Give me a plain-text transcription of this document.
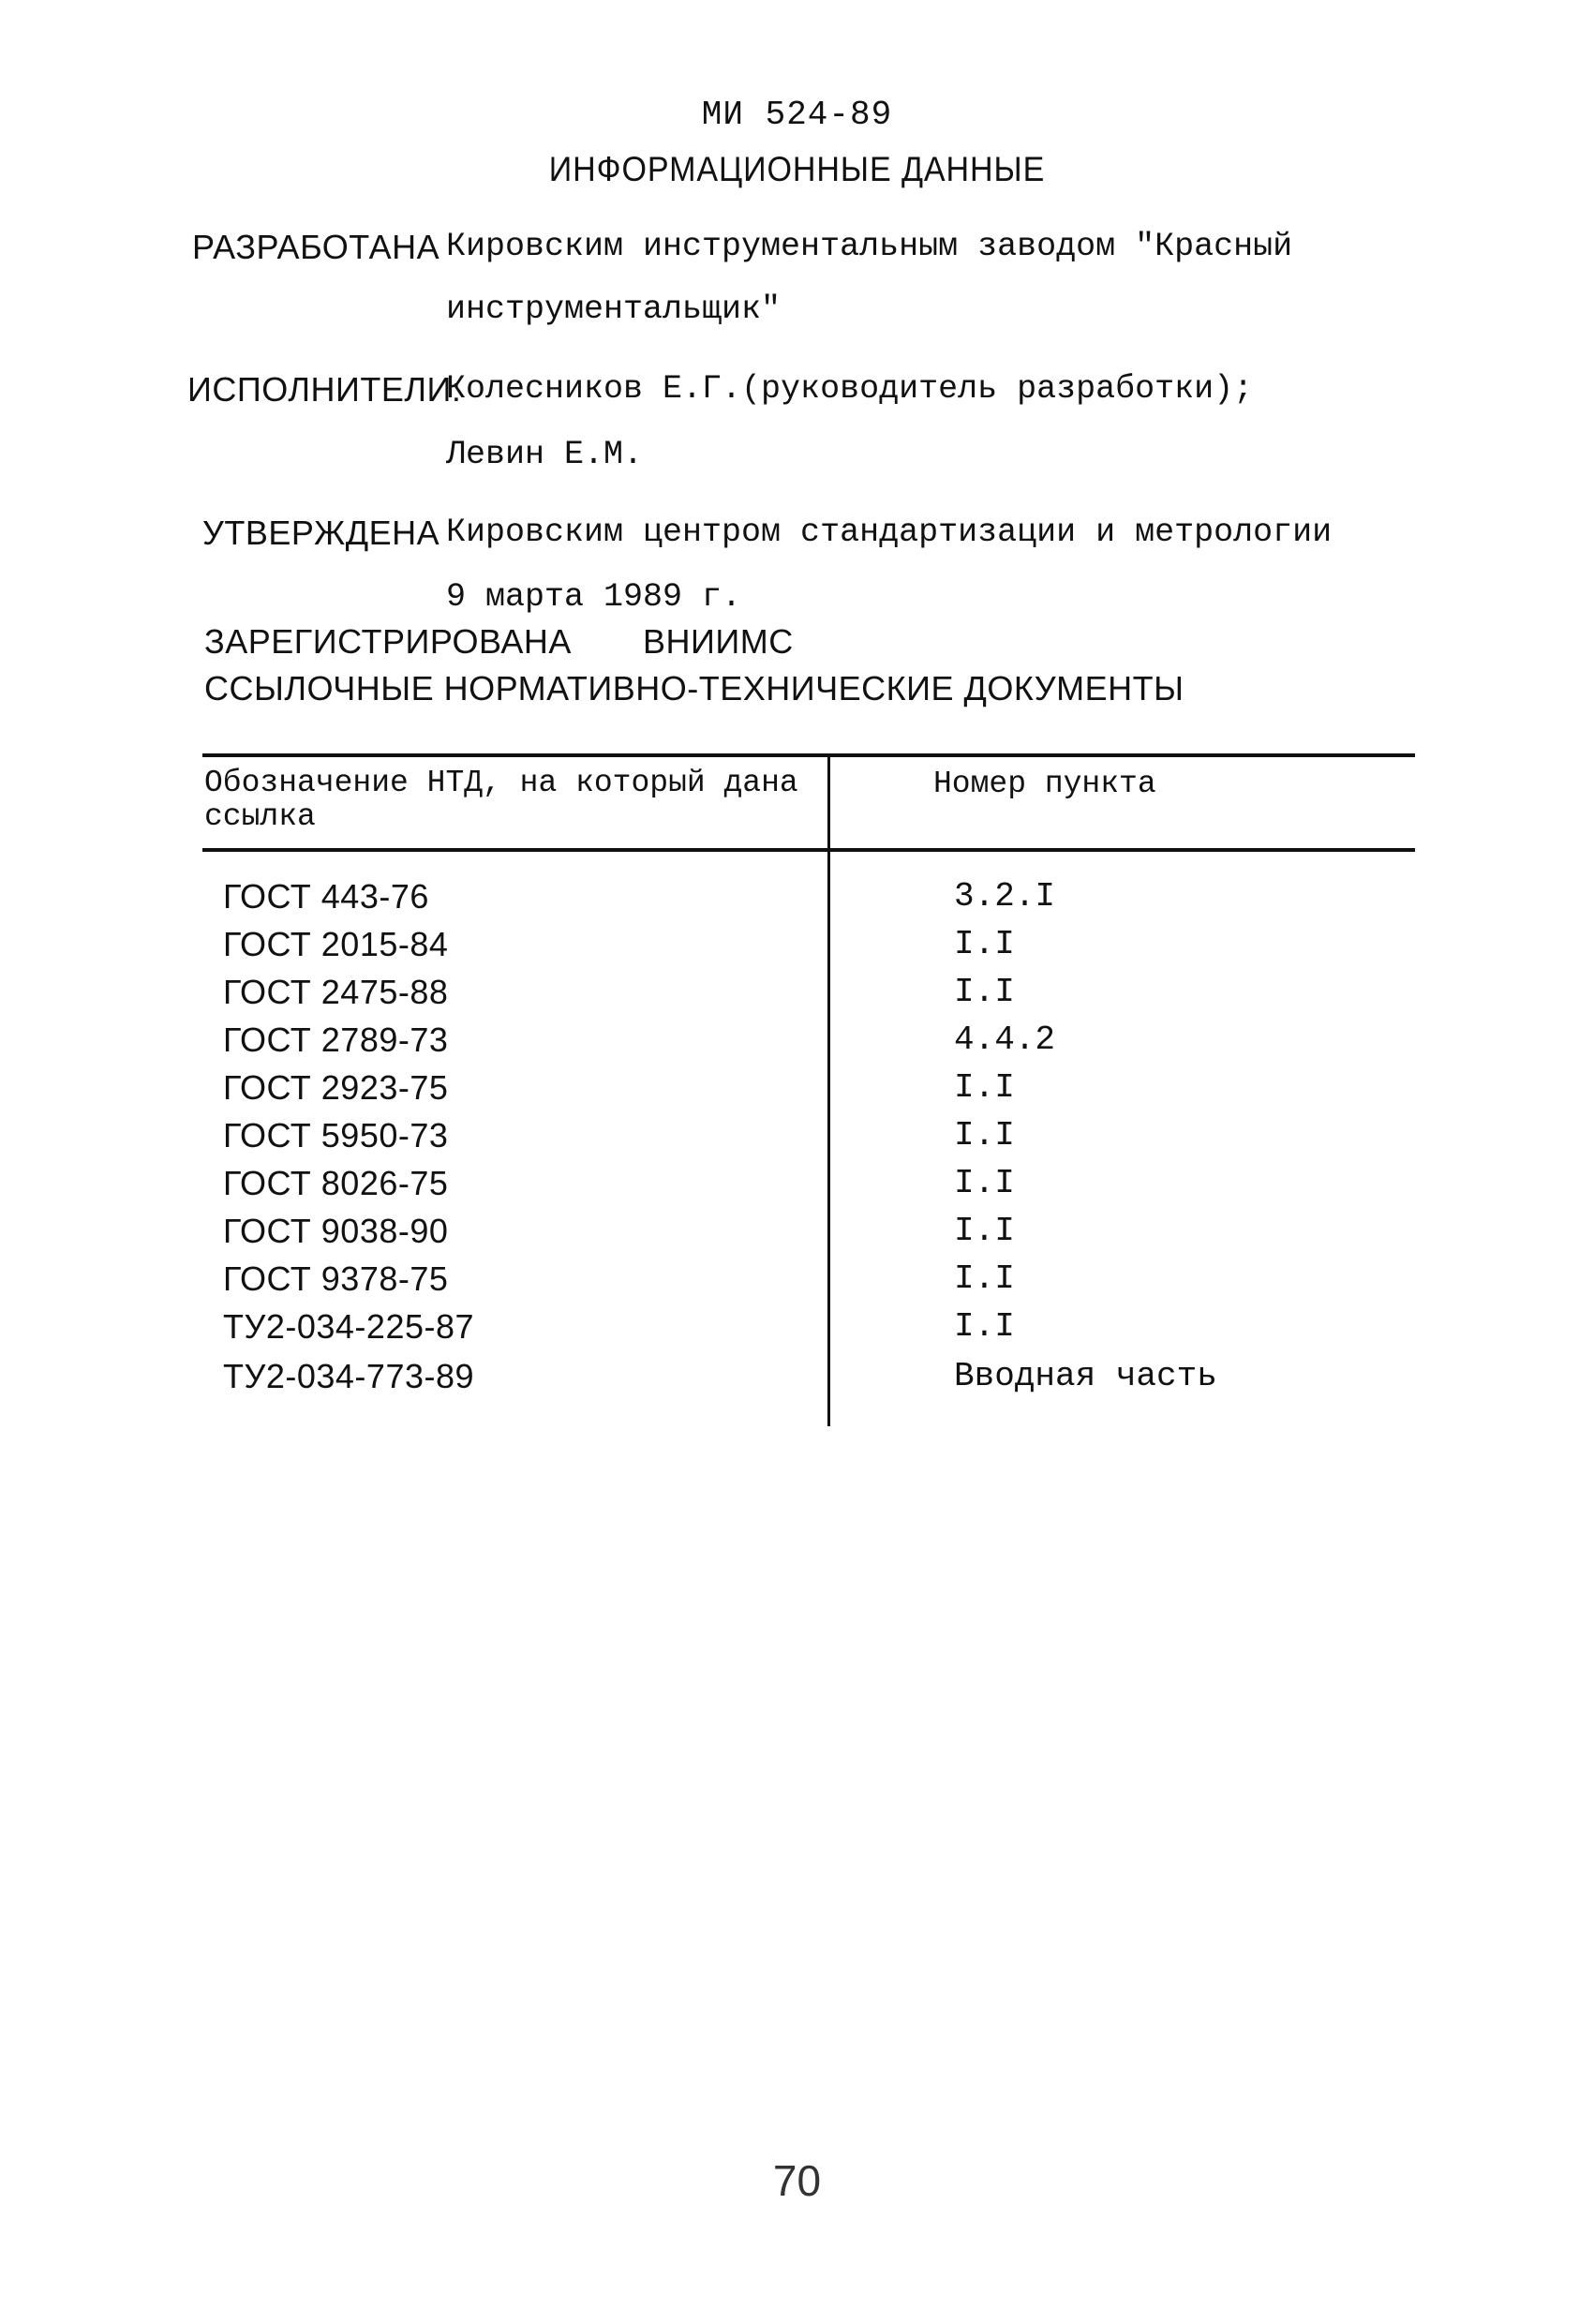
МИ 524-89
ИНФОРМАЦИОННЫЕ ДАННЫЕ
РАЗРАБОТАНА Кировским инструментальным заводом "Красный
инструментальщик"
ИСПОЛНИТЕЛИ:
Колесников Е.Г.(руководитель разработки);
Левин Е.М.
УТВЕРЖДЕНА Кировским центром стандартизации и метрологии
9 марта 1989 г.
ЗАРЕГИСТРИРОВАНА ВНИИМС
ССЫЛОЧНЫЕ НОРМАТИВНО-ТЕХНИЧЕСКИЕ ДОКУМЕНТЫ
Обозначение НТД, на который дана ссылка
Номер пункта
ГОСТ 443-76	3.2.I
ГОСТ 2015-84	I.I
ГОСТ 2475-88	I.I
ГОСТ 2789-73	4.4.2
ГОСТ 2923-75	I.I
ГОСТ 5950-73	I.I
ГОСТ 8026-75	I.I
ГОСТ 9038-90	I.I
ГОСТ 9378-75	I.I
ТУ2-034-225-87	I.I
ТУ2-034-773-89	Вводная часть
70
